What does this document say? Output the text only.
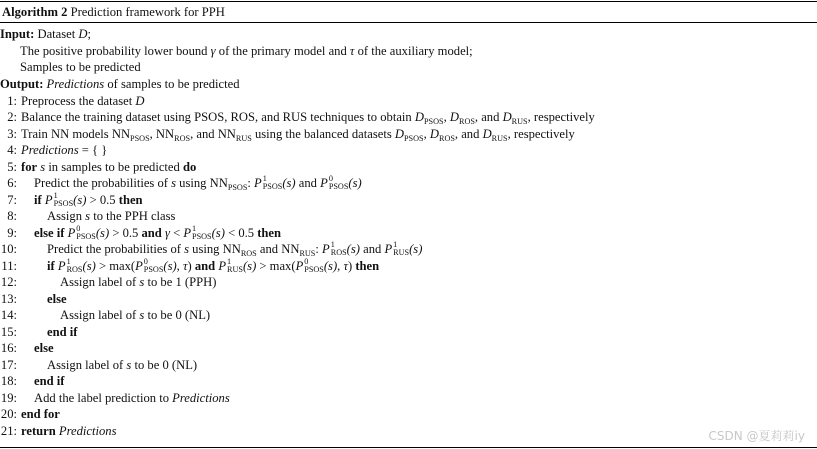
Algorithm 2 Prediction framework for PPH
Input: Dataset D;
The positive probability lower bound γ of the primary model and τ of the auxiliary model;
Samples to be predicted
Output: Predictions of samples to be predicted
1: Preprocess the dataset D
2: Balance the training dataset using PSOS, ROS, and RUS techniques to obtain $D_{PSOS}$, $D_{ROS}$, and $D_{RUS}$, respectively
3: Train NN models $NN_{PSOS}$, $NN_{ROS}$, and $NN_{RUS}$ using the balanced datasets $D_{PSOS}$, $D_{ROS}$, and $D_{RUS}$, respectively
4: Predictions = { }
5: for s in samples to be predicted do
6: Predict the probabilities of s using $NN_{PSOS}$: P 1
PSOS (s) and P 0
PSOS (s)
7: if P 1
PSOS (s) > 0.5 then
8: Assign s to the PPH class
9: else if P 0
PSOS (s) > 0.5 and γ < P 1
PSOS (s) < 0.5 then
10: Predict the probabilities of s using $NN_{ROS}$ and $NN_{RUS}$: P 1
ROS (s) and P 1
RUS (s)
11: if P 1
ROS (s) > max(P 0
PSOS (s), τ) and P 1
RUS (s) > max(P 0
PSOS (s), τ) then
12:	Assign label of s to be 1 (PPH)
13: else
14:	Assign label of s to be 0 (NL)
15: end if
16: else
17: Assign label of s to be 0 (NL)
18: end if
19: Add the label prediction to Predictions
20: end for
21: return Predictions	CSDN @夏莉莉iy
